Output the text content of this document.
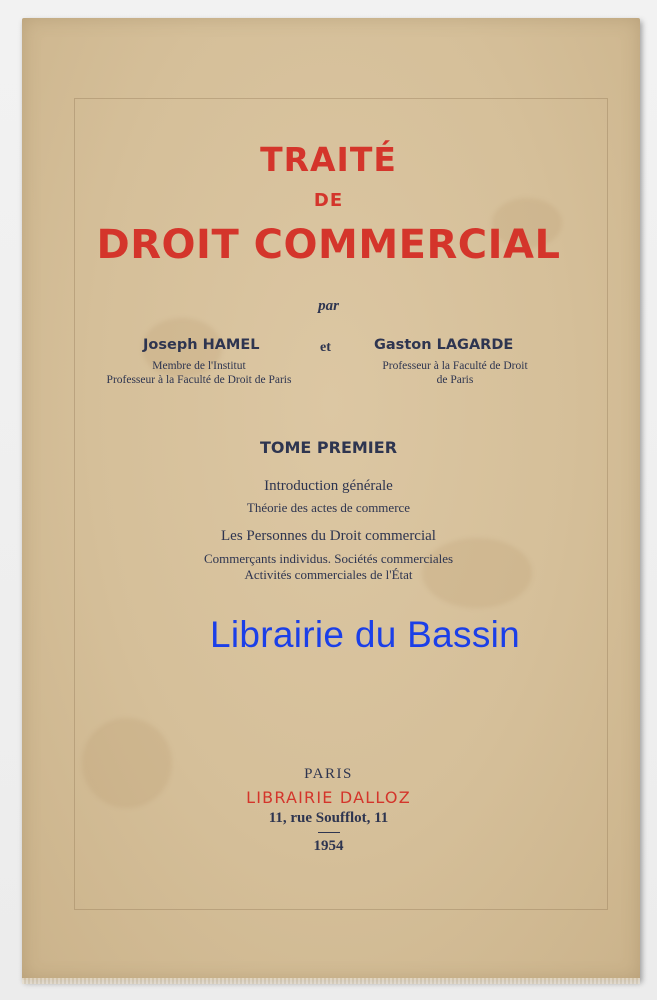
TRAITÉ
DE
DROIT COMMERCIAL
par
Joseph HAMEL
Membre de l'Institut
Professeur à la Faculté de Droit de Paris
et	Gaston LAGARDE
Professeur à la Faculté de Droit
de Paris
TOME PREMIER
Introduction générale
Théorie des actes de commerce
Les Personnes du Droit commercial
Commerçants individus. Sociétés commerciales
Activités commerciales de l'État
Librairie du Bassin
PARIS
LIBRAIRIE DALLOZ
11, rue Soufflot, 11
1954
